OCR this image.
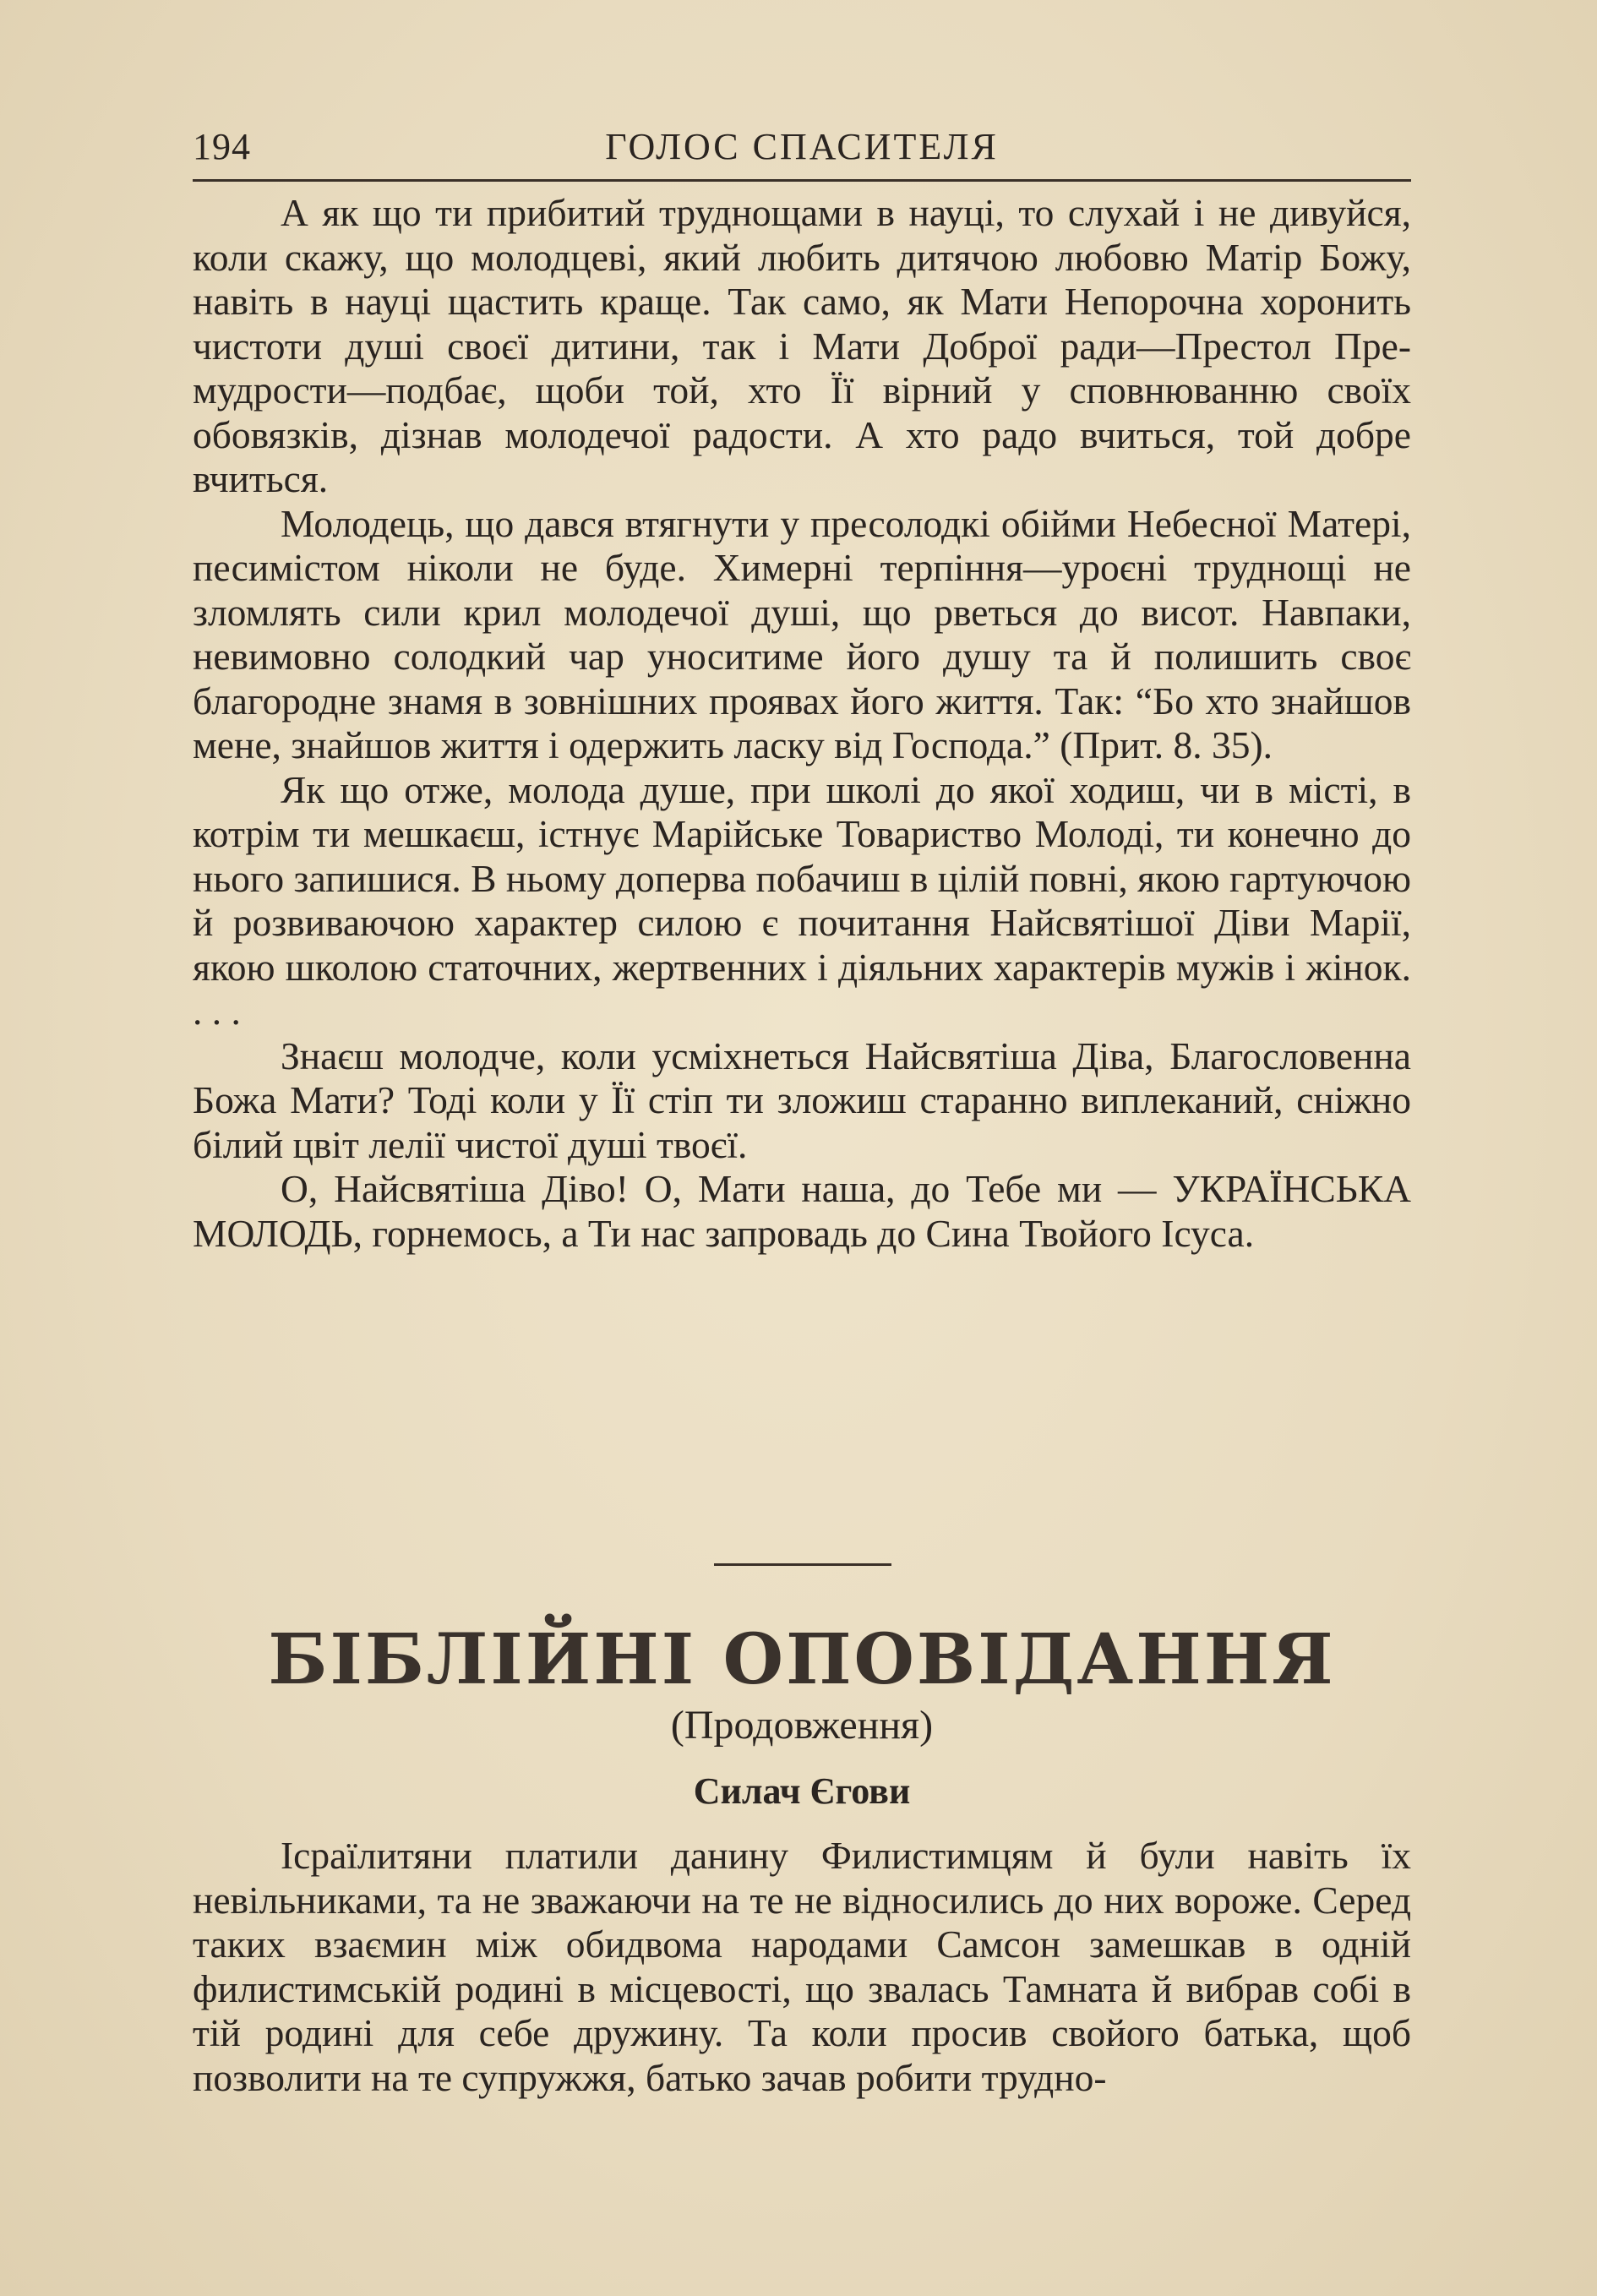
194	ГОЛОС СПАСИТЕЛЯ

А як що ти прибитий труднощами в науці, то слухай і не дивуйся, коли скажу, що молодцеві, який любить дитячою любовю Матір Божу, навіть в науці щастить краще. Так само, як Мати Непорочна хоронить чистоти душі своєї дитини, так і Мати Доброї ради—Престол Премудрости—подбає, щоби той, хто Її вірний у сповнюванню своїх обовязків, дізнав молодечої радости. А хто радо вчиться, той добре вчиться.

Молодець, що дався втягнути у пресолодкі обійми Небесної Матері, песимістом ніколи не буде. Химерні терпіння—уроєні труднощі не зломлять сили крил молодечої душі, що рветься до висот. Навпаки, невимовно солодкий чар уноситиме його душу та й полишить своє благородне знамя в зовнішних проявах його життя. Так: “Бо хто знайшов мене, знайшов життя і одержить ласку від Господа.” (Прит. 8. 35).

Як що отже, молода душе, при школі до якої ходиш, чи в місті, в котрім ти мешкаєш, істнує Марійське Товариство Молоді, ти конечно до нього запишися. В ньому доперва побачиш в цілій повні, якою гартуючою й розвиваючою характер силою є почитання Найсвятішої Діви Марії, якою школою статочних, жертвенних і діяльних характерів мужів і жінок. . . .

Знаєш молодче, коли усміхнеться Найсвятіша Діва, Благословенна Божа Мати? Тоді коли у Її стіп ти зложиш старанно виплеканий, сніжно білий цвіт лелії чистої душі твоєї.

О, Найсвятіша Діво! О, Мати наша, до Тебе ми — УКРАЇНСЬКА МОЛОДЬ, горнемось, а Ти нас запровадь до Сина Твойого Ісуса.

БІБЛІЙНІ ОПОВІДАННЯ
(Продовження)
Силач Єгови

Ісраїлитяни платили данину Филистимцям й були навіть їх невільниками, та не зважаючи на те не відносились до них вороже. Серед таких взаємин між обидвома народами Самсон замешкав в одній филистимській родині в місцевості, що звалась Тамната й вибрав собі в тій родині для себе дружину. Та коли просив свойого батька, щоб позволити на те супружжя, батько зачав робити трудно-
